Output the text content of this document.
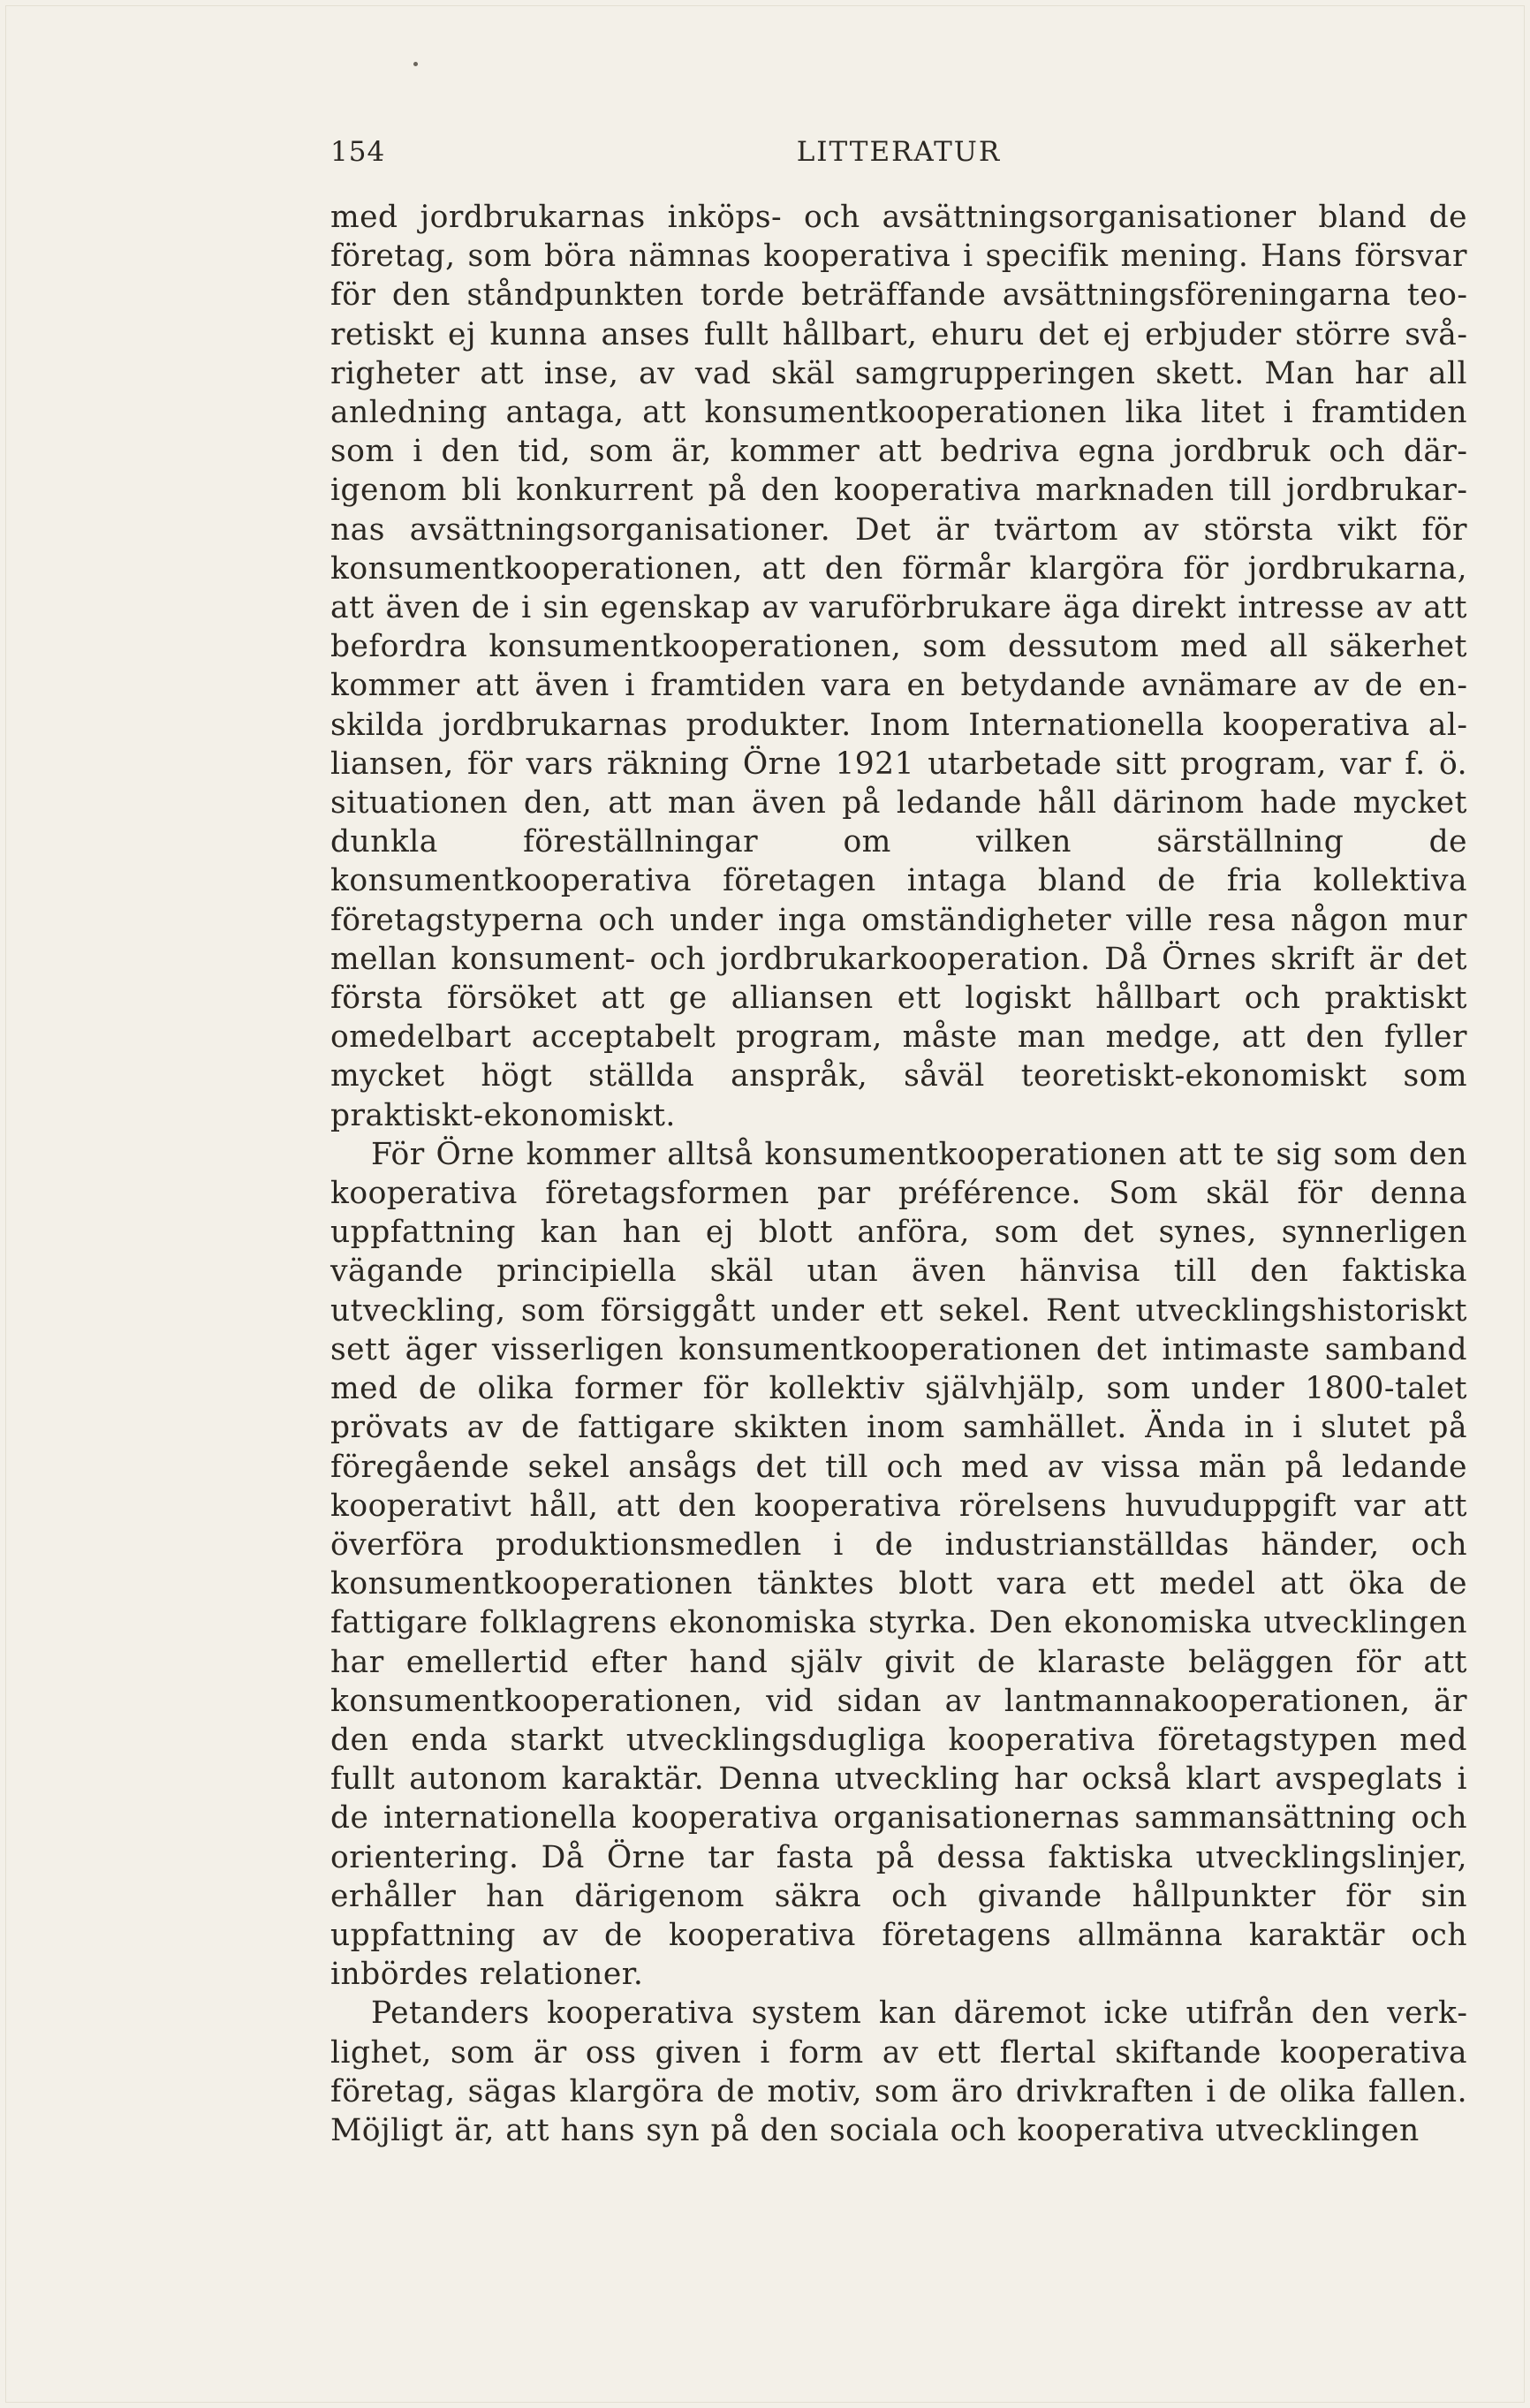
154	LITTERATUR

med jordbrukarnas inköps- och avsättningsorganisationer bland de företag, som böra nämnas kooperativa i specifik mening. Hans försvar för den ståndpunkten torde beträffande avsättningsföreningarna teoretiskt ej kunna anses fullt hållbart, ehuru det ej erbjuder större svårigheter att inse, av vad skäl samgrupperingen skett. Man har all anledning antaga, att konsumentkooperationen lika litet i framtiden som i den tid, som är, kommer att bedriva egna jordbruk och därigenom bli konkurrent på den kooperativa marknaden till jordbrukarnas avsättningsorganisationer. Det är tvärtom av största vikt för konsumentkooperationen, att den förmår klargöra för jordbrukarna, att även de i sin egenskap av varuförbrukare äga direkt intresse av att befordra konsumentkooperationen, som dessutom med all säkerhet kommer att även i framtiden vara en betydande avnämare av de enskilda jordbrukarnas produkter. Inom Internationella kooperativa alliansen, för vars räkning Örne 1921 utarbetade sitt program, var f. ö. situationen den, att man även på ledande håll därinom hade mycket dunkla föreställningar om vilken särställning de konsumentkooperativa företagen intaga bland de fria kollektiva företagstyperna och under inga omständigheter ville resa någon mur mellan konsument- och jordbrukarkooperation. Då Örnes skrift är det första försöket att ge alliansen ett logiskt hållbart och praktiskt omedelbart acceptabelt program, måste man medge, att den fyller mycket högt ställda anspråk, såväl teoretiskt-ekonomiskt som praktiskt-ekonomiskt.

För Örne kommer alltså konsumentkooperationen att te sig som den kooperativa företagsformen par préférence. Som skäl för denna uppfattning kan han ej blott anföra, som det synes, synnerligen vägande principiella skäl utan även hänvisa till den faktiska utveckling, som försiggått under ett sekel. Rent utvecklingshistoriskt sett äger visserligen konsumentkooperationen det intimaste samband med de olika former för kollektiv självhjälp, som under 1800-talet prövats av de fattigare skikten inom samhället. Ända in i slutet på föregående sekel ansågs det till och med av vissa män på ledande kooperativt håll, att den kooperativa rörelsens huvuduppgift var att överföra produktionsmedlen i de industrianställdas händer, och konsumentkooperationen tänktes blott vara ett medel att öka de fattigare folklagrens ekonomiska styrka. Den ekonomiska utvecklingen har emellertid efter hand själv givit de klaraste beläggen för att konsumentkooperationen, vid sidan av lantmannakooperationen, är den enda starkt utvecklingsdugliga kooperativa företagstypen med fullt autonom karaktär. Denna utveckling har också klart avspeglats i de internationella kooperativa organisationernas sammansättning och orientering. Då Örne tar fasta på dessa faktiska utvecklingslinjer, erhåller han därigenom säkra och givande hållpunkter för sin uppfattning av de kooperativa företagens allmänna karaktär och inbördes relationer.

Petanders kooperativa system kan däremot icke utifrån den verklighet, som är oss given i form av ett flertal skiftande kooperativa företag, sägas klargöra de motiv, som äro drivkraften i de olika fallen. Möjligt är, att hans syn på den sociala och kooperativa utvecklingen
